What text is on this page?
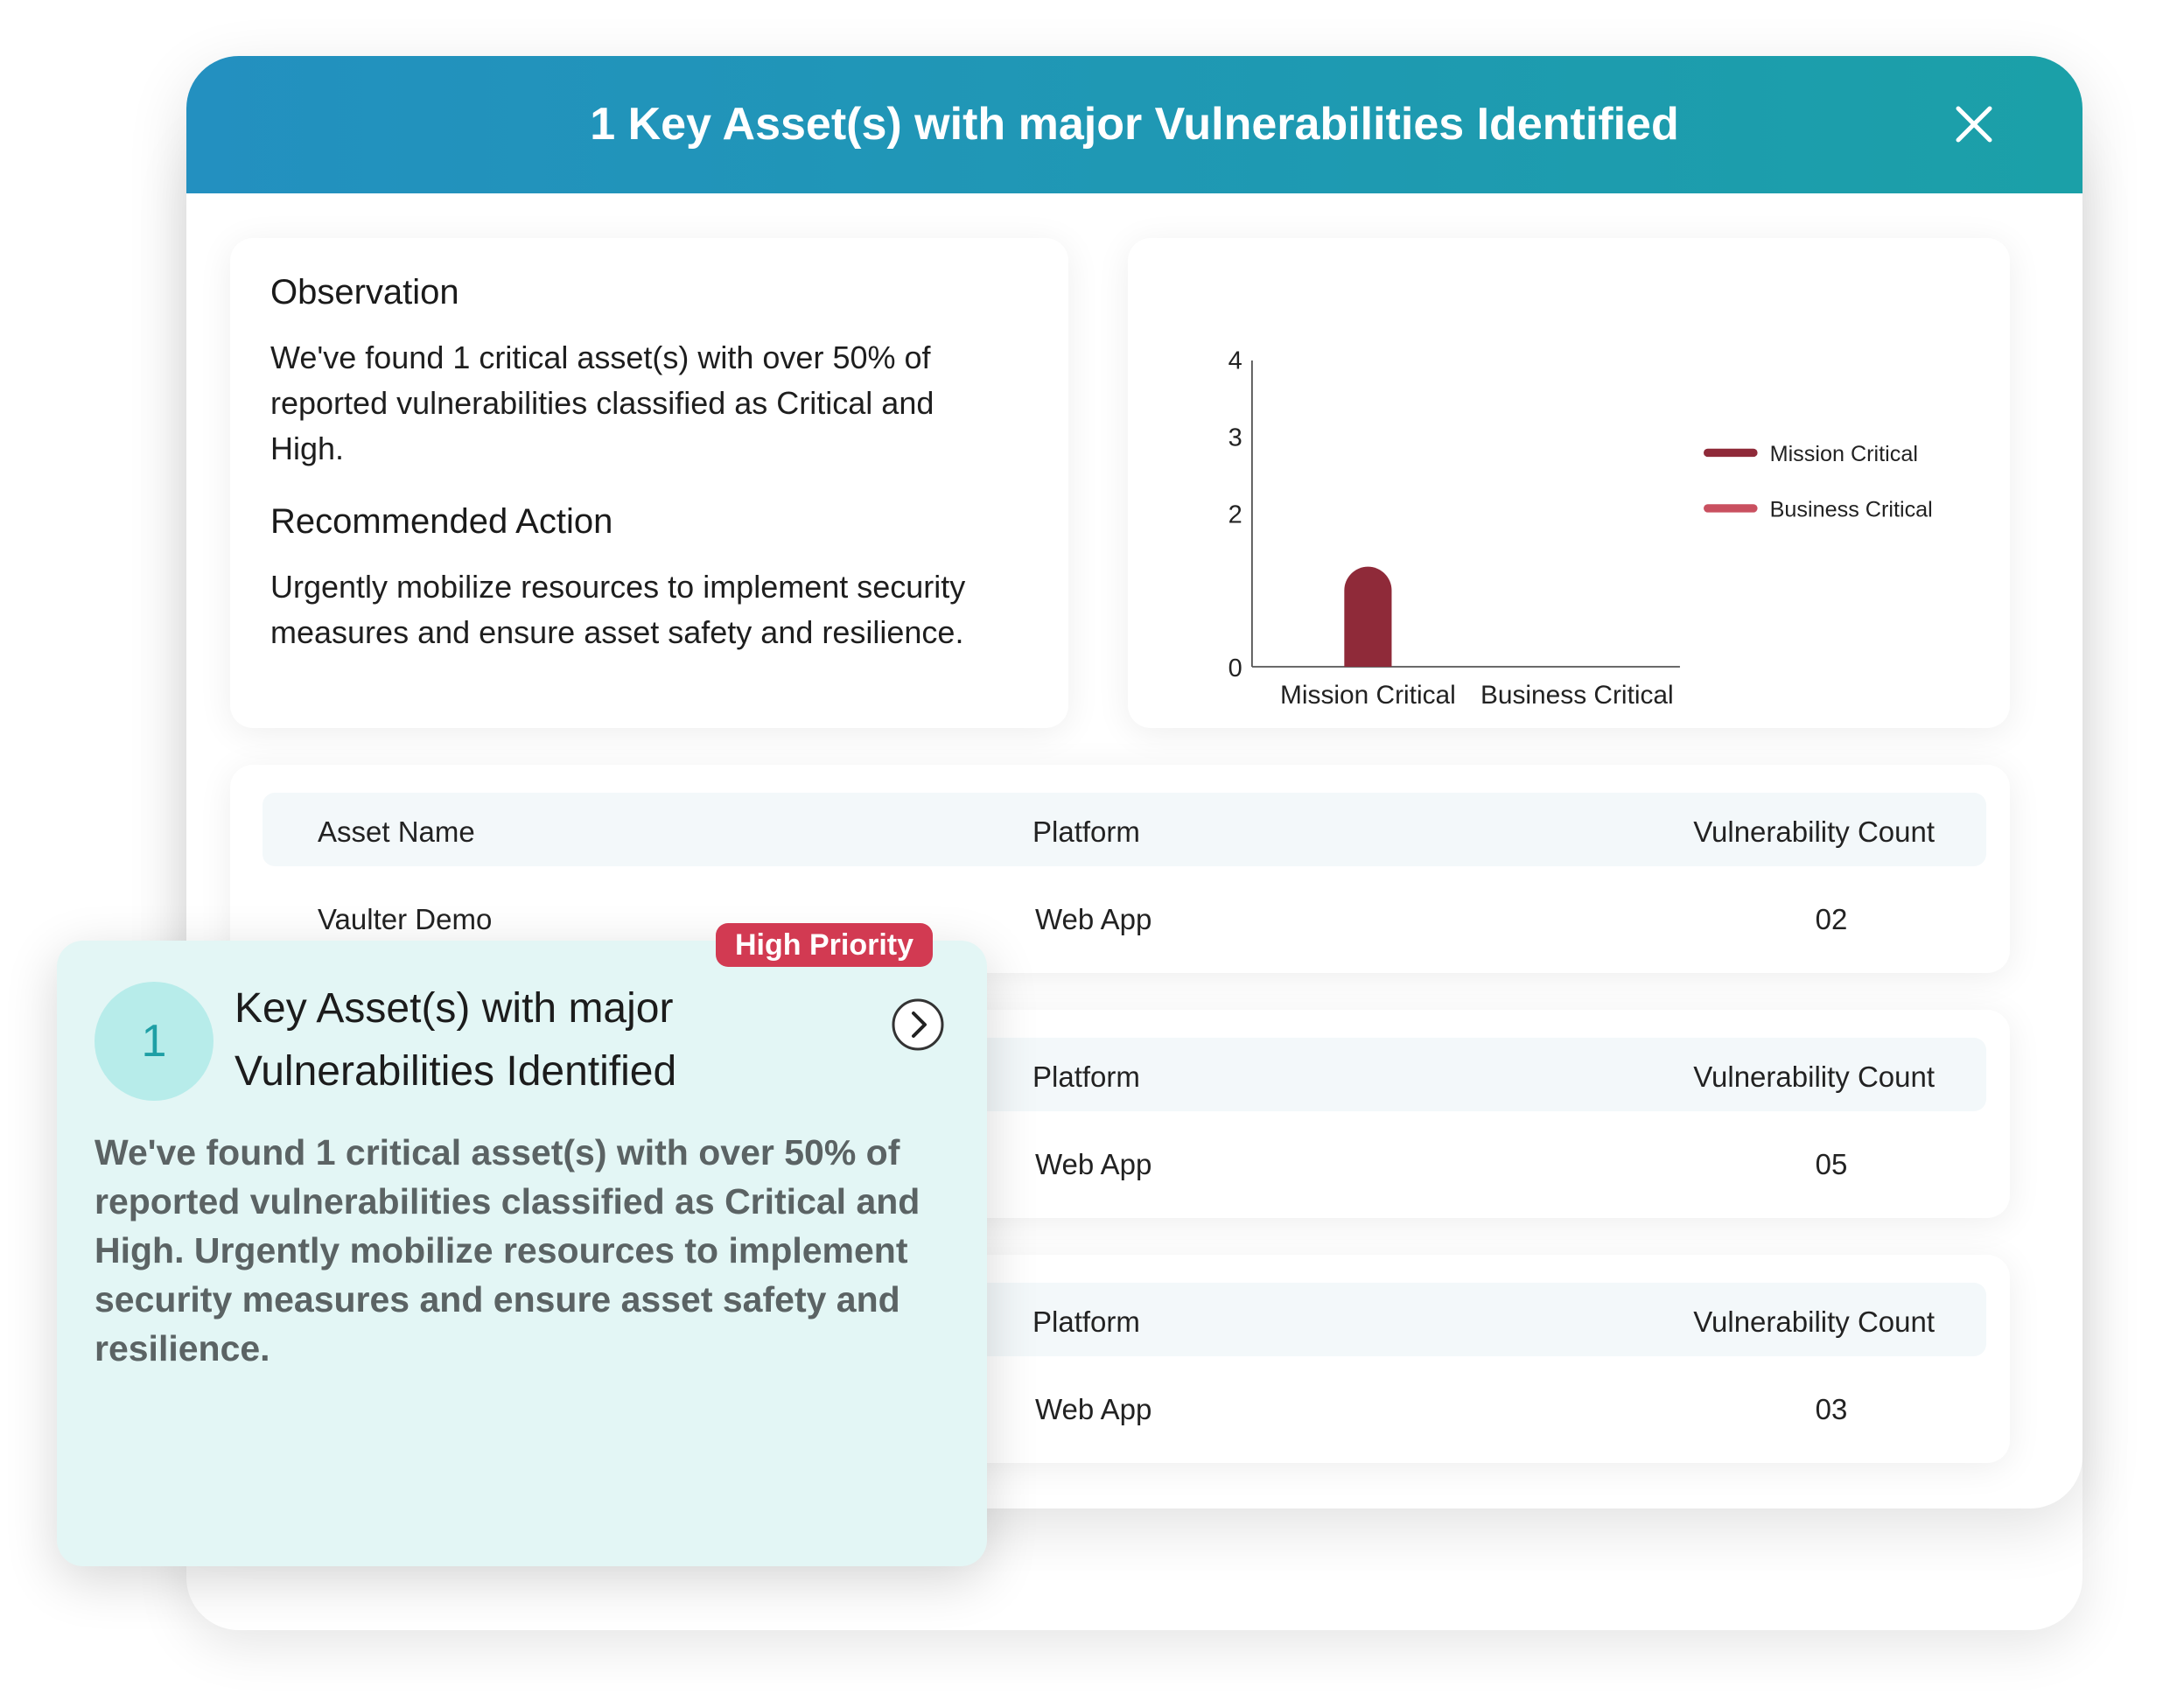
1 Key Asset(s) with major Vulnerabilities Identified
Observation
We've found 1 critical asset(s) with over 50% of reported vulnerabilities classified as Critical and High.
Recommended Action
Urgently mobilize resources to implement security measures and ensure asset safety and resilience.
0
2
3
4
Mission Critical Business Critical
Mission Critical
Business Critical
Asset Name	Platform	Vulnerability Count
Vaulter Demo	Web App	02
Platform	Vulnerability Count
Web App	05
Platform	Vulnerability Count
Web App	03
1
Key Asset(s) with major Vulnerabilities Identified
We've found 1 critical asset(s) with over 50% of reported vulnerabilities classified as Critical and High. Urgently mobilize resources to implement security measures and ensure asset safety and resilience.
High Priority
